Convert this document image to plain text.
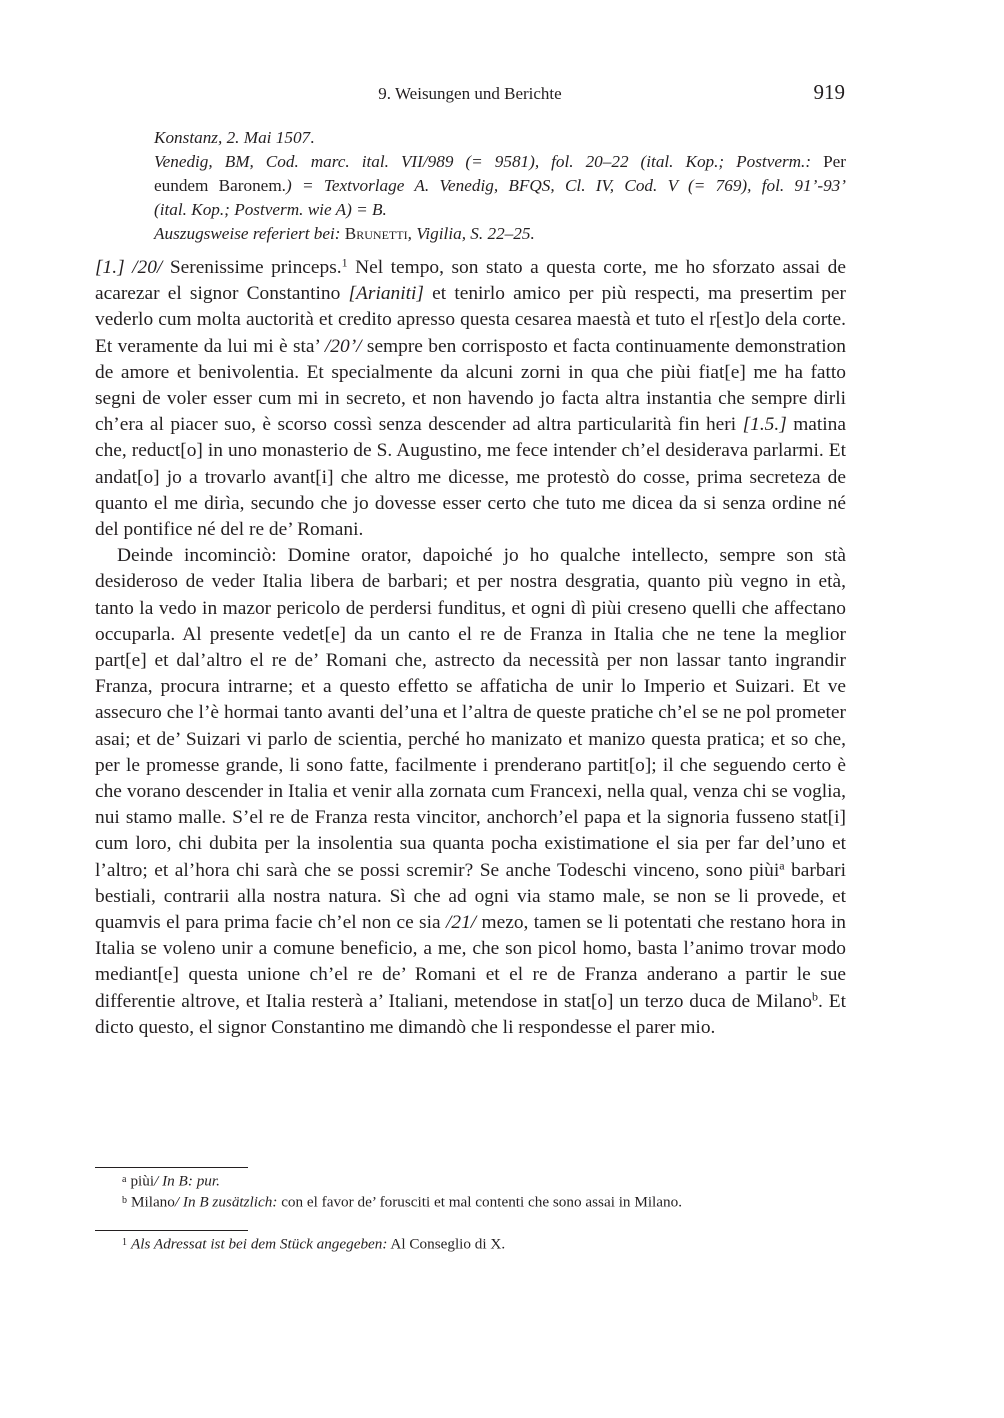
9. Weisungen und Berichte	919
Konstanz, 2. Mai 1507.
Venedig, BM, Cod. marc. ital. VII/989 (= 9581), fol. 20–22 (ital. Kop.; Postverm.: Per
eundem Baronem.) = Textvorlage A. Venedig, BFQS, Cl. IV, Cod. V (= 769), fol. 91’-93’
(ital. Kop.; Postverm. wie A) = B.
Auszugsweise referiert bei: Brunetti, Vigilia, S. 22–25.

[1.] /20/ Serenissime princeps.$^1$ Nel tempo, son stato a questa corte, me ho sforzato assai de acarezar el signor Constantino [Arianiti] et tenirlo amico per più respecti, ma presertim per vederlo cum molta auctorità et credito apresso questa cesarea maestà et tuto el r[est]o dela corte. Et veramente da lui mi è sta’ /20’/ sempre ben corrisposto et facta continuamente demonstration de amore et benivolentia. Et specialmente da alcuni zorni in qua che piùi fiat[e] me ha fatto segni de voler esser cum mi in secreto, et non havendo jo facta altra instantia che sempre dirli ch’era al piacer suo, è scorso cossì senza descender ad altra particularità fin heri [1.5.] matina che, reduct[o] in uno monasterio de S. Augustino, me fece intender ch’el desiderava parlarmi. Et andat[o] jo a trovarlo avant[i] che altro me dicesse, me protestò do cosse, prima secreteza de quanto el me dirìa, secundo che jo dovesse esser certo che tuto me dicea da si senza ordine né del pontifice né del re de’ Romani.

Deinde incominciò: Domine orator, dapoiché jo ho qualche intellecto, sempre son stà desideroso de veder Italia libera de barbari; et per nostra desgratia, quanto più vegno in età, tanto la vedo in mazor pericolo de perdersi funditus, et ogni dì piùi creseno quelli che affectano occuparla. Al presente vedet[e] da un canto el re de Franza in Italia che ne tene la meglior part[e] et dal’altro el re de’ Romani che, astrecto da necessità per non lassar tanto ingrandir Franza, procura intrarne; et a questo effetto se affaticha de unir lo Imperio et Suizari. Et ve assecuro che l’è hormai tanto avanti del’una et l’altra de queste pratiche ch’el se ne pol prometer asai; et de’ Suizari vi parlo de scientia, perché ho manizato et manizo questa pratica; et so che, per le promesse grande, li sono fatte, facilmente i prenderano partit[o]; il che seguendo certo è che vorano descender in Italia et venir alla zornata cum Francexi, nella qual, venza chi se voglia, nui stamo malle. S’el re de Franza resta vincitor, anchorch’el papa et la signoria fusseno stat[i] cum loro, chi dubita per la insolentia sua quanta pocha existimatione el sia per far del’uno et l’altro; et al’hora chi sarà che se possi scremir? Se anche Todeschi vinceno, sono piùi$^a$ barbari bestiali, contrarii alla nostra natura. Sì che ad ogni via stamo male, se non se li provede, et quamvis el para prima facie ch’el non ce sia /21/ mezo, tamen se li potentati che restano hora in Italia se voleno unir a comune beneficio, a me, che son picol homo, basta l’animo trovar modo mediant[e] questa unione ch’el re de’ Romani et el re de Franza anderano a partir le sue differentie altrove, et Italia resterà a’ Italiani, metendose in stat[o] un terzo duca de Milano$^b$. Et dicto questo, el signor Constantino me dimandò che li respondesse el parer mio.

$^a$ piùi/ In B: pur.
$^b$ Milano/ In B zusätzlich: con el favor de’ forusciti et mal contenti che sono assai in Milano.
$^1$ Als Adressat ist bei dem Stück angegeben: Al Conseglio di X.
